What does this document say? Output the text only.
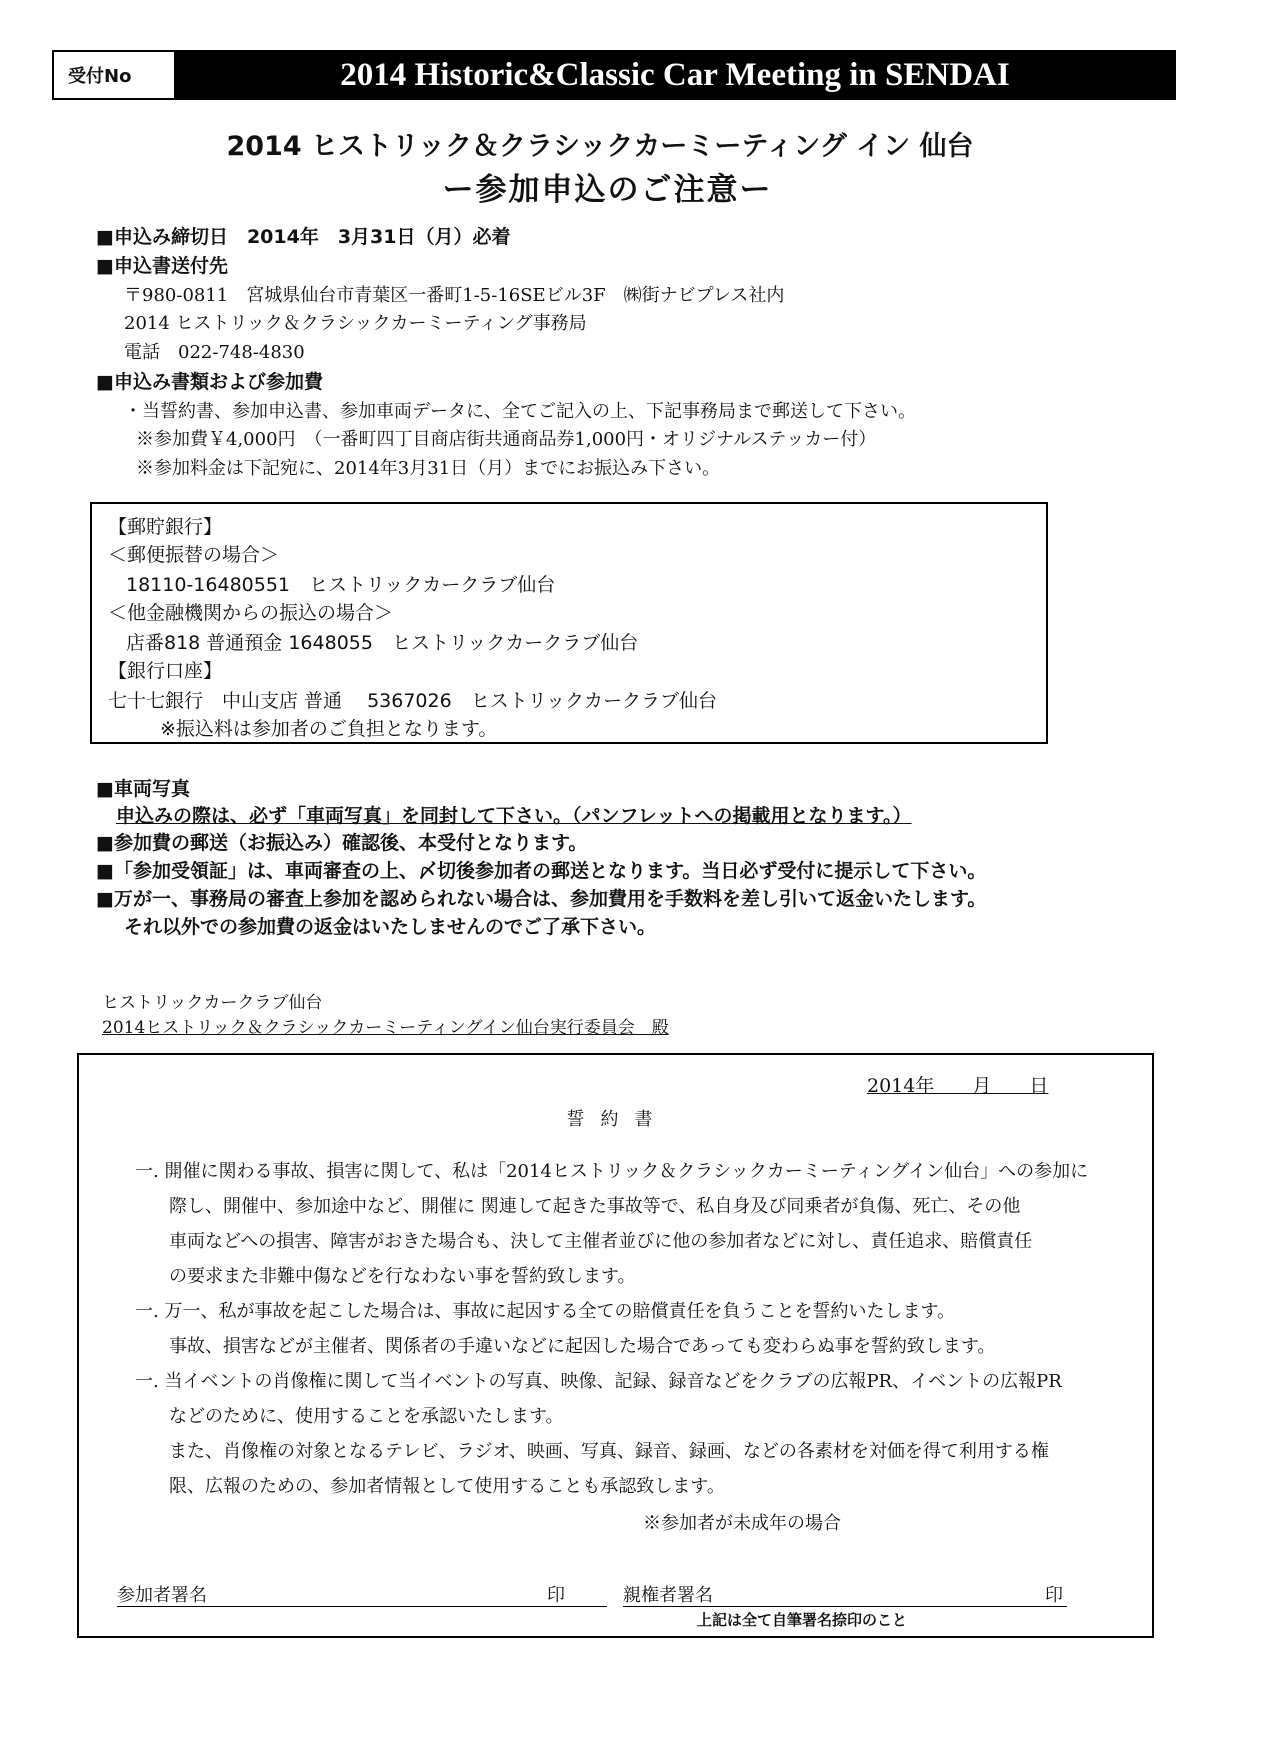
受付No	2014 Historic&Classic Car Meeting in SENDAI
2014 ヒストリック＆クラシックカーミーティング イン 仙台
ー参加申込のご注意ー
■申込み締切日　2014年　3月31日（月）必着
■申込書送付先
〒980-0811　宮城県仙台市青葉区一番町1-5-16SEビル3F　㈱街ナビプレス社内
2014 ヒストリック＆クラシックカーミーティング事務局
電話　022-748-4830
■申込み書類および参加費
・当誓約書、参加申込書、参加車両データに、全てご記入の上、下記事務局まで郵送して下さい。
※参加費￥4,000円　（一番町四丁目商店街共通商品券1,000円・オリジナルステッカー付）
※参加料金は下記宛に、2014年3月31日（月）までにお振込み下さい。
【郵貯銀行】
＜郵便振替の場合＞
18110-16480551　ヒストリックカークラブ仙台
＜他金融機関からの振込の場合＞
店番818 普通預金 1648055　ヒストリックカークラブ仙台
【銀行口座】
七十七銀行　中山支店 普通　 5367026　ヒストリックカークラブ仙台
※振込料は参加者のご負担となります。
■車両写真
申込みの際は、必ず「車両写真」を同封して下さい。（パンフレットへの掲載用となります。）
■参加費の郵送（お振込み）確認後、本受付となります。
■「参加受領証」は、車両審査の上、〆切後参加者の郵送となります。当日必ず受付に提示して下さい。
■万が一、事務局の審査上参加を認められない場合は、参加費用を手数料を差し引いて返金いたします。
それ以外での参加費の返金はいたしませんのでご了承下さい。
ヒストリックカークラブ仙台
2014ヒストリック＆クラシックカーミーティングイン仙台実行委員会　殿
2014年　　月　　日
誓約書
一. 開催に関わる事故、損害に関して、私は「2014ヒストリック＆クラシックカーミーティングイン仙台」への参加に
際し、開催中、参加途中など、開催に 関連して起きた事故等で、私自身及び同乗者が負傷、死亡、その他
車両などへの損害、障害がおきた場合も、決して主催者並びに他の参加者などに対し、責任追求、賠償責任
の要求また非難中傷などを行なわない事を誓約致します。
一. 万一、私が事故を起こした場合は、事故に起因する全ての賠償責任を負うことを誓約いたします。
事故、損害などが主催者、関係者の手違いなどに起因した場合であっても変わらぬ事を誓約致します。
一. 当イベントの肖像権に関して当イベントの写真、映像、記録、録音などをクラブの広報PR、イベントの広報PR
などのために、使用することを承認いたします。
また、肖像権の対象となるテレビ、ラジオ、映画、写真、録音、録画、などの各素材を対価を得て利用する権
限、広報のための、参加者情報として使用することも承認致します。
※参加者が未成年の場合
参加者署名	印	親権者署名	印
上記は全て自筆署名捺印のこと
